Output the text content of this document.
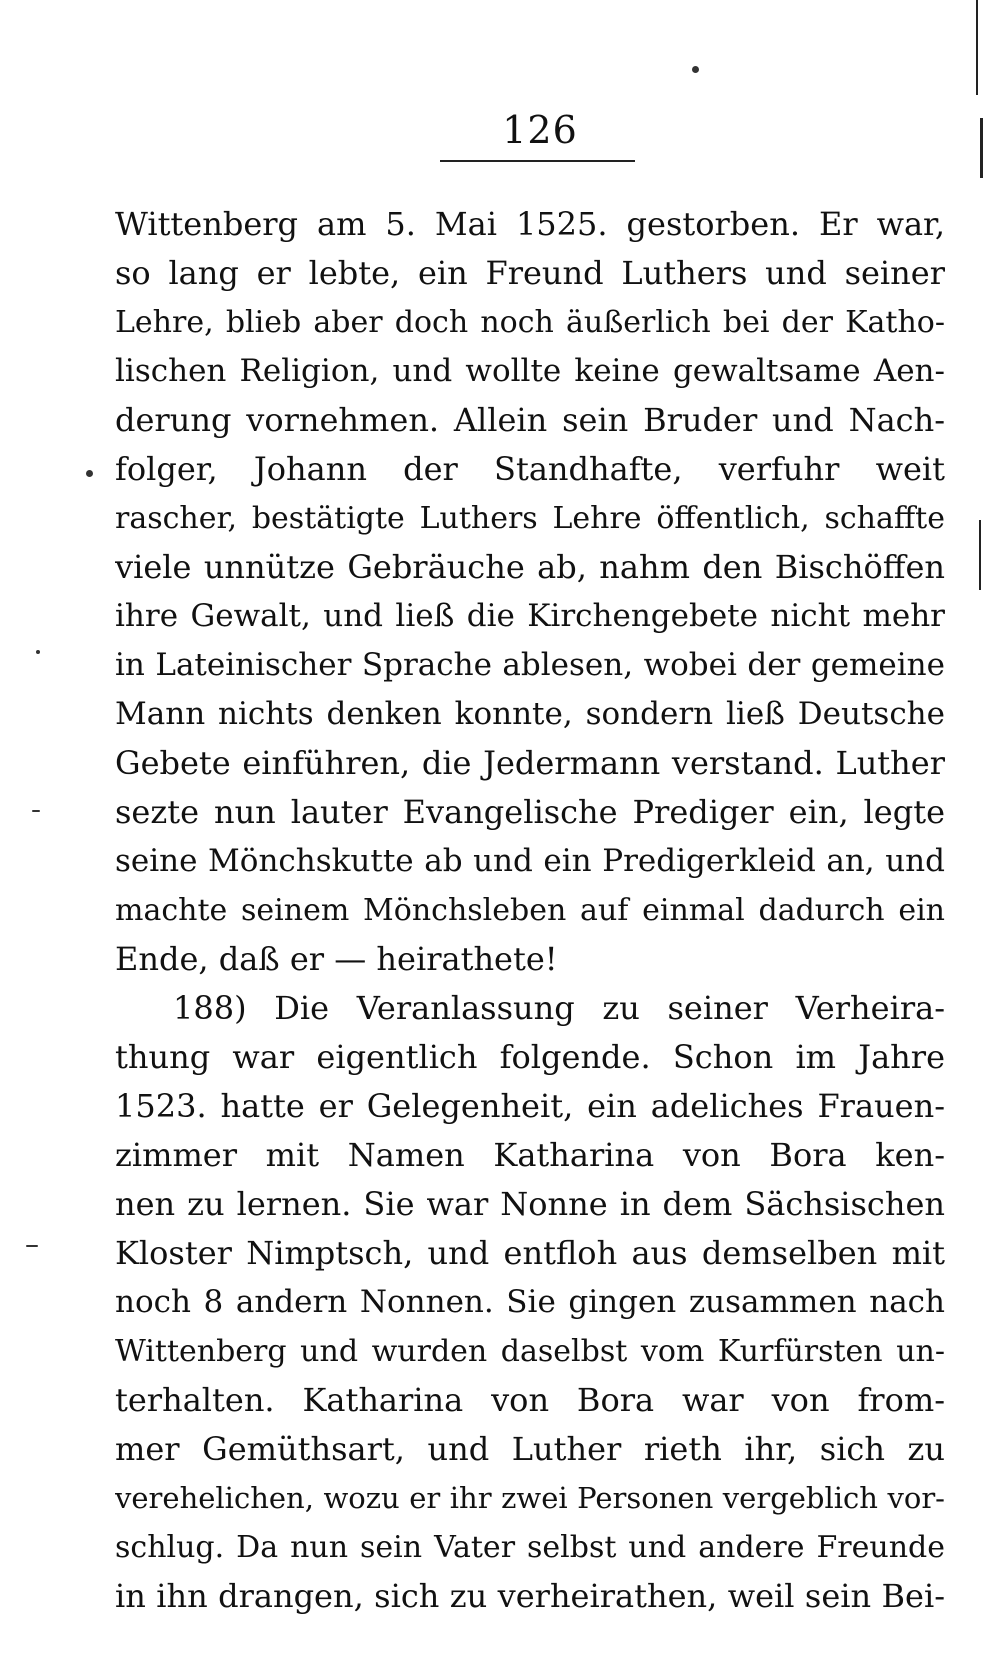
126
Wittenberg am 5. Mai 1525. gestorben. Er war,
so lang er lebte, ein Freund Luthers und seiner
Lehre, blieb aber doch noch äußerlich bei der Katho-
lischen Religion, und wollte keine gewaltsame Aen-
derung vornehmen. Allein sein Bruder und Nach-
folger, Johann der Standhafte, verfuhr weit
rascher, bestätigte Luthers Lehre öffentlich, schaffte
viele unnütze Gebräuche ab, nahm den Bischöffen
ihre Gewalt, und ließ die Kirchengebete nicht mehr
in Lateinischer Sprache ablesen, wobei der gemeine
Mann nichts denken konnte, sondern ließ Deutsche
Gebete einführen, die Jedermann verstand. Luther
sezte nun lauter Evangelische Prediger ein, legte
seine Mönchskutte ab und ein Predigerkleid an, und
machte seinem Mönchsleben auf einmal dadurch ein
Ende, daß er — heirathete!
188) Die Veranlassung zu seiner Verheira-
thung war eigentlich folgende. Schon im Jahre
1523. hatte er Gelegenheit, ein adeliches Frauen-
zimmer mit Namen Katharina von Bora ken-
nen zu lernen. Sie war Nonne in dem Sächsischen
Kloster Nimptsch, und entfloh aus demselben mit
noch 8 andern Nonnen. Sie gingen zusammen nach
Wittenberg und wurden daselbst vom Kurfürsten un-
terhalten. Katharina von Bora war von from-
mer Gemüthsart, und Luther rieth ihr, sich zu
verehelichen, wozu er ihr zwei Personen vergeblich vor-
schlug. Da nun sein Vater selbst und andere Freunde
in ihn drangen, sich zu verheirathen, weil sein Bei-
